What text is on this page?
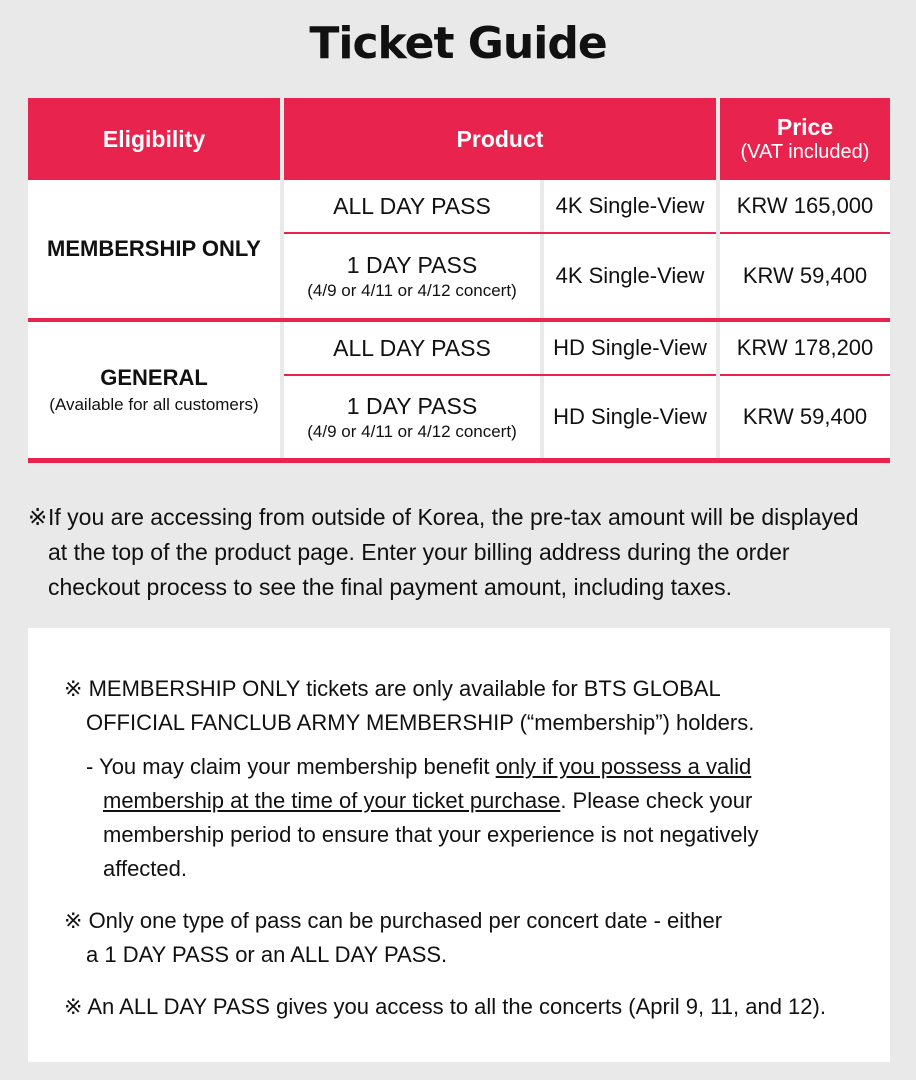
Ticket Guide
Eligibility	Product	Price
(VAT included)
MEMBERSHIP ONLY
ALL DAY PASS	4K Single-View KRW 165,000
1 DAY PASS
(4/9 or 4/11 or 4/12 concert)
4K Single-View KRW 59,400
GENERAL
(Available for all customers)
ALL DAY PASS	HD Single-View KRW 178,200
1 DAY PASS
(4/9 or 4/11 or 4/12 concert)
HD Single-View KRW 59,400
※If you are accessing from outside of Korea, the pre-tax amount will be displayed
at the top of the product page. Enter your billing address during the order
checkout process to see the final payment amount, including taxes.
※ MEMBERSHIP ONLY tickets are only available for BTS GLOBAL
OFFICIAL FANCLUB ARMY MEMBERSHIP (“membership”) holders.
- You may claim your membership benefit only if you possess a valid
membership at the time of your ticket purchase. Please check your
membership period to ensure that your experience is not negatively
affected.
※ Only one type of pass can be purchased per concert date - either
a 1 DAY PASS or an ALL DAY PASS.
※ An ALL DAY PASS gives you access to all the concerts (April 9, 11, and 12).
